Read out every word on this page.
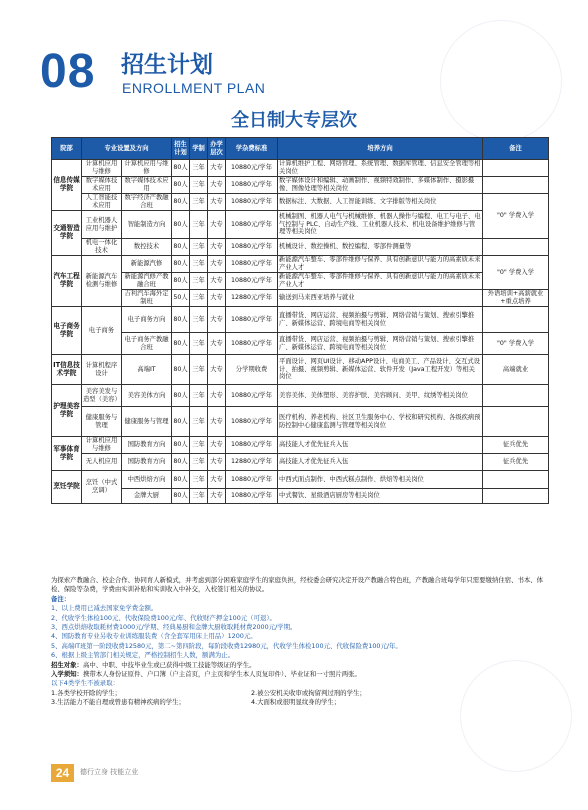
08 招生计划
ENROLLMENT PLAN
全日制大专层次
院部	专业设置及方向		招生计划	学制	办学层次	学杂费标准	培养方向	备注
信息传媒学院	计算机应用与维修	计算机应用与维修	80人	三年	大专	10880元/学年	计算机维护工程、网络管理、系统管理、数据库管理、信息安全管理等相关岗位	
	数字媒体技术应用	数字媒体技术应用	80人	三年	大专	10880元/学年	数字媒体设计和编辑、动画制作、视频特效制作、多媒体制作、摄影摄像、图像处理等相关岗位	
	人工智能技术应用	数字经济产教融合班	80人	三年	大专	10880元/学年	数据标注、大数据、人工智能训练、文字排版等相关岗位	"0" 学费入学
交通智造学院	工业机器人应用与维护	智能制造方向	80人	三年	大专	10880元/学年	机械制图、机器人电气与机械维修、机器人操作与编程、电工与电子、电气控制与 PLC、自动生产线、工业机器人技术、机电设备维护维修与管理等相关岗位	
	机电一体化技术	数控技术	80人	三年	大专	10880元/学年	机械设计、数控操机、数控编程、零部件测量等	
汽车工程学院	新能源汽车检测与维修	新能源汽修	80人	三年	大专	10880元/学年	新能源汽车整车、零部件维修与保养、具有创新意识与能力的高素质未来产业人才	"0" 学费入学
		新能源汽修产教融合班	80人	三年	大专	10880元/学年	新能源汽车整车、零部件维修与保养、具有创新意识与能力的高素质未来产业人才	
		吉利汽车海外定制班	50人	三年	大专	12880元/学年	输送到马来西亚培养与就业	外语培训+高薪就业+重点培养
电子商务学院	电子商务	电子商务方向	80人	三年	大专	10880元/学年	直播带货、网店运营、视频拍摄与剪辑、网络营销与策划、搜索引擎推广、新媒体运营、跨境电商等相关岗位	
		电子商务产教融合班	80人	三年	大专	10880元/学年	直播带货、网店运营、视频拍摄与剪辑、网络营销与策划、搜索引擎推广、新媒体运营、跨境电商等相关岗位	"0" 学费入学
IT信息技术学院	计算机程序设计	高端IT	80人	三年	大专	分学期收费	平面设计、网页UI设计、移动APP设计、电商美工、产品设计、交互式设计、拍摄、视频剪辑、新媒体运营、软件开发（Java工程开发）等相关岗位	高端就业
护理美容学院	美容美发与造型（美容）	美容美体方向	80人	三年	大专	10880元/学年	美容美体、美体塑形、美容护肤、美容顾问、美甲、纹绣等相关岗位	
	健康服务与管理	健康服务与管理	80人	三年	大专	10880元/学年	医疗机构、养老机构、社区卫生服务中心、学校和研究机构、各级疾病预防控制中心健康监测与管理等相关岗位	
军事体育学院	计算机应用与维修	国防教育方向	80人	三年	大专	10880元/学年	高技能人才优先征兵入伍	征兵优先
	无人机应用	国防教育方向	80人	三年	大专	12880元/学年	高技能人才优先征兵入伍	征兵优先
烹饪学院	烹饪（中式烹调）	中西烘焙方向	80人	三年	大专	10880元/学年	中西式面点制作、中西式糕点制作、烘焙等相关岗位	
		金牌大厨	80人	三年	大专	10880元/学年	中式餐饮、星级酒店厨房等相关岗位	

为探索产教融合、校企合作、协同育人新模式，并考虑到部分困难家庭学生的家庭负担，经校委会研究决定开设产教融合特色班，产教融合班每学年只需要缴纳住宿、书本、体检、保险等杂费，学费由实训补贴和实训收入中补交，入校签订相关的协议。

备注：

1、以上费用已减去国家免学费金额。

2、代收学生体检100元、代收保险费100元/年、代收财产押金100元（可退）。

3、西点烘焙收取耗材费1000元/学期、经典易厨和金牌大厨收取耗材费2000元/学期。

4、国防教育专业另收专业训练服装费（含全套军用床上用品）1200元。

5、高端IT班第一阶段收费12580元，第二~第四阶段，每阶段收费12980元，代收学生体检100元、代收保险费100元/年。

6、根据上级主管部门相关规定，严格控制招生人数，额满为止。

招生对象：高中、中职、中技毕业生或已获得中级工技能等级证的学生。

入学须知：携带本人身份证原件、户口簿（户主首页，户主页和学生本人页复印件）、毕业证和一寸照片两张。

以下4类学生不被录取：

1.各类学校开除的学生；	2.被公安机关收审或拘留判过刑的学生；
3.生活能力不能自理或曾患有精神疾病的学生；	4.大面积或很明显纹身的学生；
24	德行立身 技能立业
